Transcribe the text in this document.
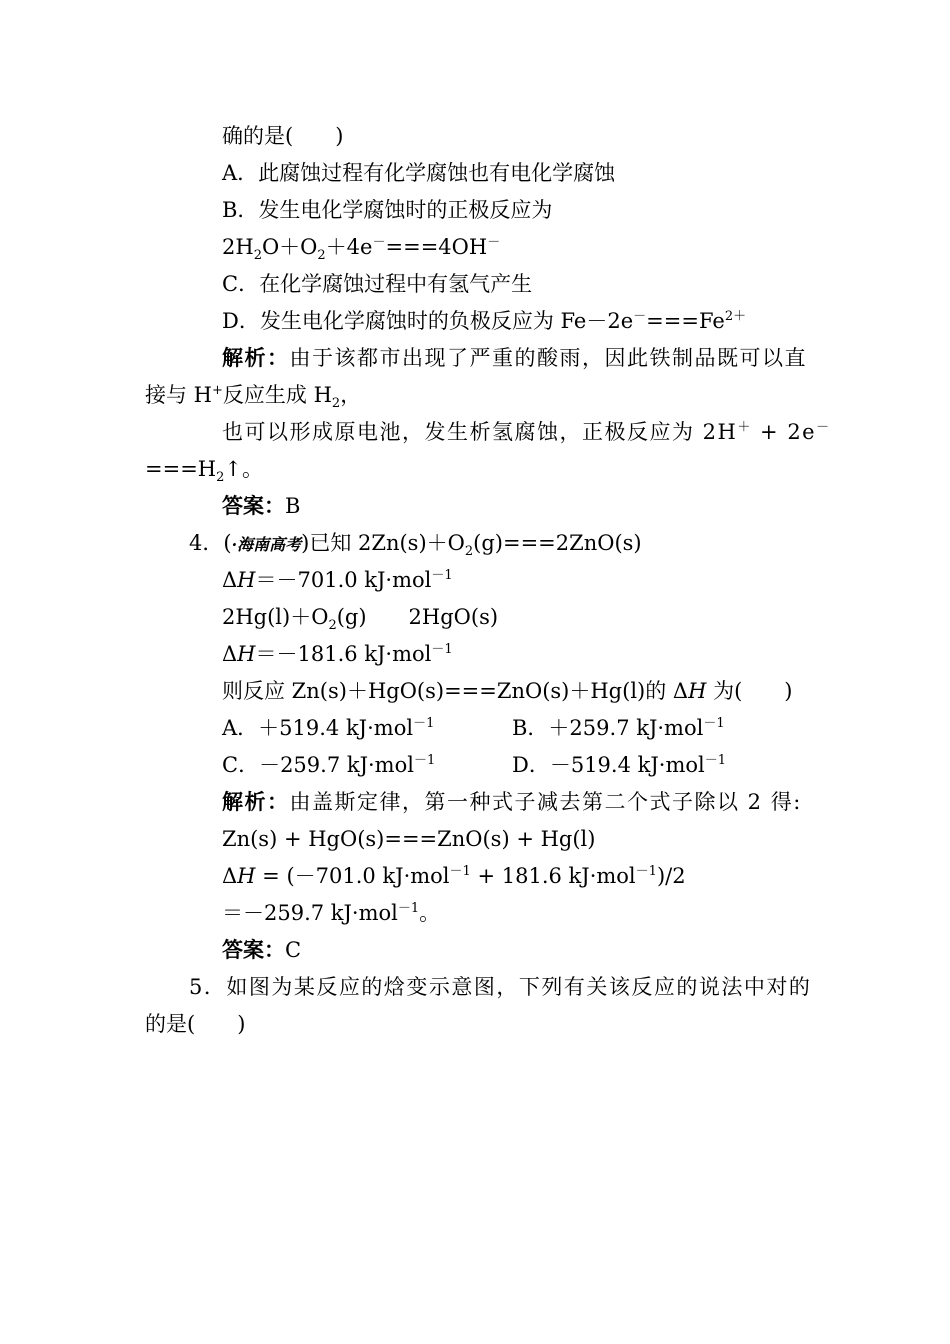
确的是(　　)
A．此腐蚀过程有化学腐蚀也有电化学腐蚀
B．发生电化学腐蚀时的正极反应为
$2H_2O+O_2+4e^-===4OH^-$
C．在化学腐蚀过程中有氢气产生
D．发生电化学腐蚀时的负极反应为 $Fe-2e^-===Fe^{2+}$
解析：由于该都市出现了严重的酸雨，因此铁制品既可以直
接与 H+反应生成 $H_2$，
也可以形成原电池，发生析氢腐蚀，正极反应为 2H＋ + 2e－
$===H_2↑$。
答案：B
4．(·海南高考)已知 $2Zn(s)+O_2(g)===2ZnO(s)$
ΔH＝－701.0 kJ·mol$^{-1}$
$2Hg(l)+O_2(g)$　　2HgO(s)
ΔH＝－181.6 kJ·mol$^{-1}$
则反应 Zn(s)＋HgO(s)===ZnO(s)＋Hg(l)的 ΔH 为(　　)
A．＋519.4 kJ·mol$^{-1}$	B．＋259.7 kJ·mol$^{-1}$
C．－259.7 kJ·mol$^{-1}$	D．－519.4 kJ·mol$^{-1}$
解析：由盖斯定律，第一种式子减去第二个式子除以 2 得:
Zn(s) + HgO(s)===ZnO(s) + Hg(l)
ΔH = (－701.0 kJ·mol$^{-1}$ + 181.6 kJ·mol$^{-1}$)/2
＝－259.7 kJ·mol$^{-1}$。
答案：C
5．如图为某反应的焓变示意图，下列有关该反应的说法中对的
的是(　　)
